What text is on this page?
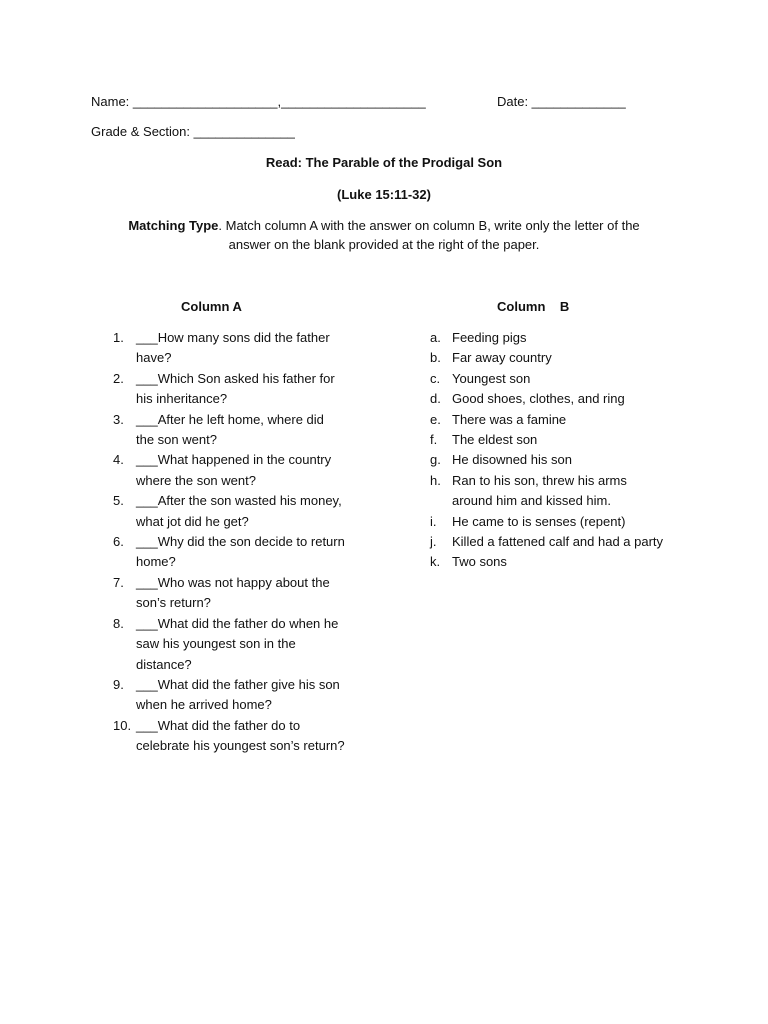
Name: ____________________,____________________	Date: _____________
Grade & Section: ______________
Read: The Parable of the Prodigal Son
(Luke 15:11-32)
Matching Type. Match column A with the answer on column B, write only the letter of the
answer on the blank provided at the right of the paper.
Column A	Column    B
1. ___How many sons did the father
have?
2. ___Which Son asked his father for
his inheritance?
3. ___After he left home, where did
the son went?
4. ___What happened in the country
where the son went?
5. ___After the son wasted his money,
what jot did he get?
6. ___Why did the son decide to return
home?
7. ___Who was not happy about the
son’s return?
8. ___What did the father do when he
saw his youngest son in the
distance?
9. ___What did the father give his son
when he arrived home?
10. ___What did the father do to
celebrate his youngest son’s return?
a. Feeding pigs
b. Far away country
c. Youngest son
d. Good shoes, clothes, and ring
e. There was a famine
f. The eldest son
g. He disowned his son
h. Ran to his son, threw his arms
around him and kissed him.
i. He came to is senses (repent)
j. Killed a fattened calf and had a party
k. Two sons
